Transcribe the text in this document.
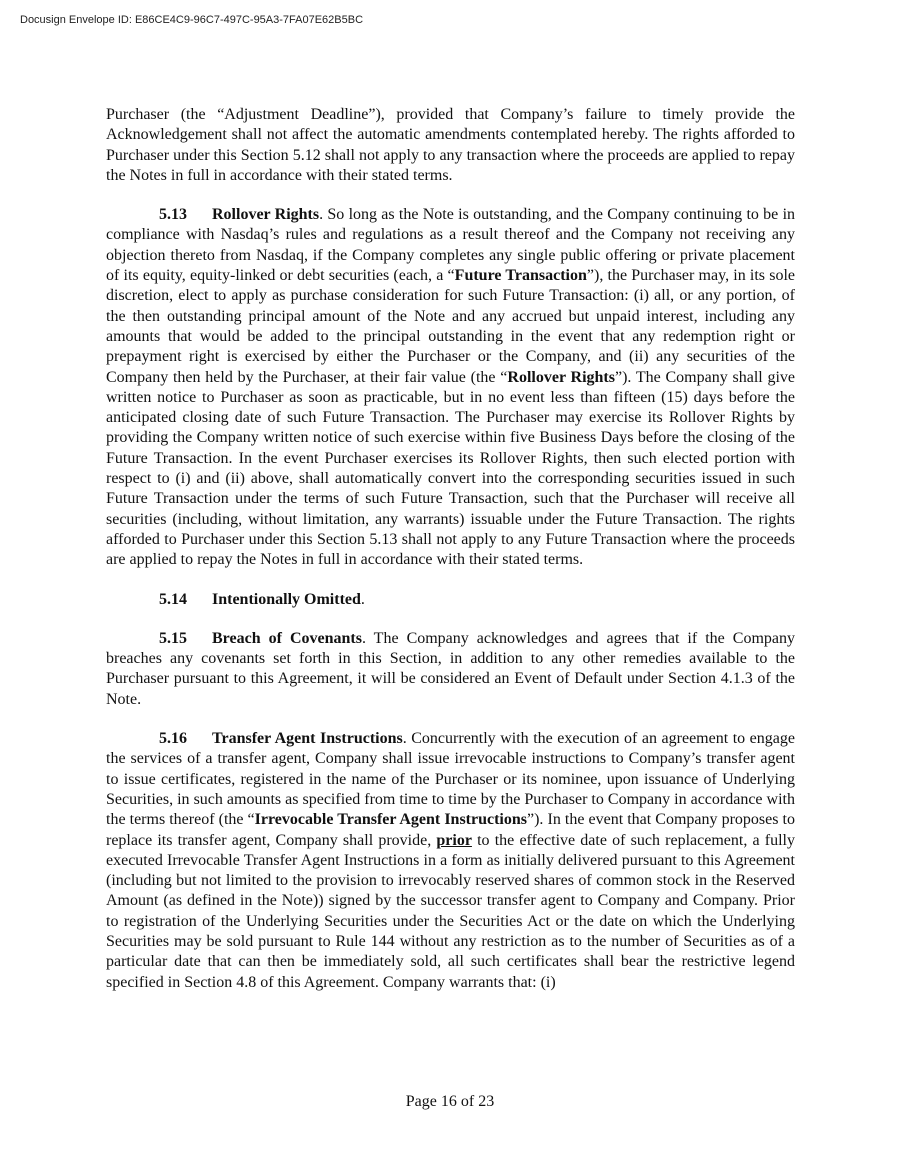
Docusign Envelope ID: E86CE4C9-96C7-497C-95A3-7FA07E62B5BC

Purchaser (the “Adjustment Deadline”), provided that Company’s failure to timely provide the Acknowledgement shall not affect the automatic amendments contemplated hereby. The rights afforded to Purchaser under this Section 5.12 shall not apply to any transaction where the proceeds are applied to repay the Notes in full in accordance with their stated terms.

5.13 Rollover Rights. So long as the Note is outstanding, and the Company continuing to be in compliance with Nasdaq’s rules and regulations as a result thereof and the Company not receiving any objection thereto from Nasdaq, if the Company completes any single public offering or private placement of its equity, equity-linked or debt securities (each, a “Future Transaction”), the Purchaser may, in its sole discretion, elect to apply as purchase consideration for such Future Transaction: (i) all, or any portion, of the then outstanding principal amount of the Note and any accrued but unpaid interest, including any amounts that would be added to the principal outstanding in the event that any redemption right or prepayment right is exercised by either the Purchaser or the Company, and (ii) any securities of the Company then held by the Purchaser, at their fair value (the “Rollover Rights”). The Company shall give written notice to Purchaser as soon as practicable, but in no event less than fifteen (15) days before the anticipated closing date of such Future Transaction. The Purchaser may exercise its Rollover Rights by providing the Company written notice of such exercise within five Business Days before the closing of the Future Transaction. In the event Purchaser exercises its Rollover Rights, then such elected portion with respect to (i) and (ii) above, shall automatically convert into the corresponding securities issued in such Future Transaction under the terms of such Future Transaction, such that the Purchaser will receive all securities (including, without limitation, any warrants) issuable under the Future Transaction. The rights afforded to Purchaser under this Section 5.13 shall not apply to any Future Transaction where the proceeds are applied to repay the Notes in full in accordance with their stated terms.

5.14 Intentionally Omitted.

5.15 Breach of Covenants. The Company acknowledges and agrees that if the Company breaches any covenants set forth in this Section, in addition to any other remedies available to the Purchaser pursuant to this Agreement, it will be considered an Event of Default under Section 4.1.3 of the Note.

5.16 Transfer Agent Instructions. Concurrently with the execution of an agreement to engage the services of a transfer agent, Company shall issue irrevocable instructions to Company’s transfer agent to issue certificates, registered in the name of the Purchaser or its nominee, upon issuance of Underlying Securities, in such amounts as specified from time to time by the Purchaser to Company in accordance with the terms thereof (the “Irrevocable Transfer Agent Instructions”). In the event that Company proposes to replace its transfer agent, Company shall provide, prior to the effective date of such replacement, a fully executed Irrevocable Transfer Agent Instructions in a form as initially delivered pursuant to this Agreement (including but not limited to the provision to irrevocably reserved shares of common stock in the Reserved Amount (as defined in the Note)) signed by the successor transfer agent to Company and Company. Prior to registration of the Underlying Securities under the Securities Act or the date on which the Underlying Securities may be sold pursuant to Rule 144 without any restriction as to the number of Securities as of a particular date that can then be immediately sold, all such certificates shall bear the restrictive legend specified in Section 4.8 of this Agreement. Company warrants that: (i)

Page 16 of 23
